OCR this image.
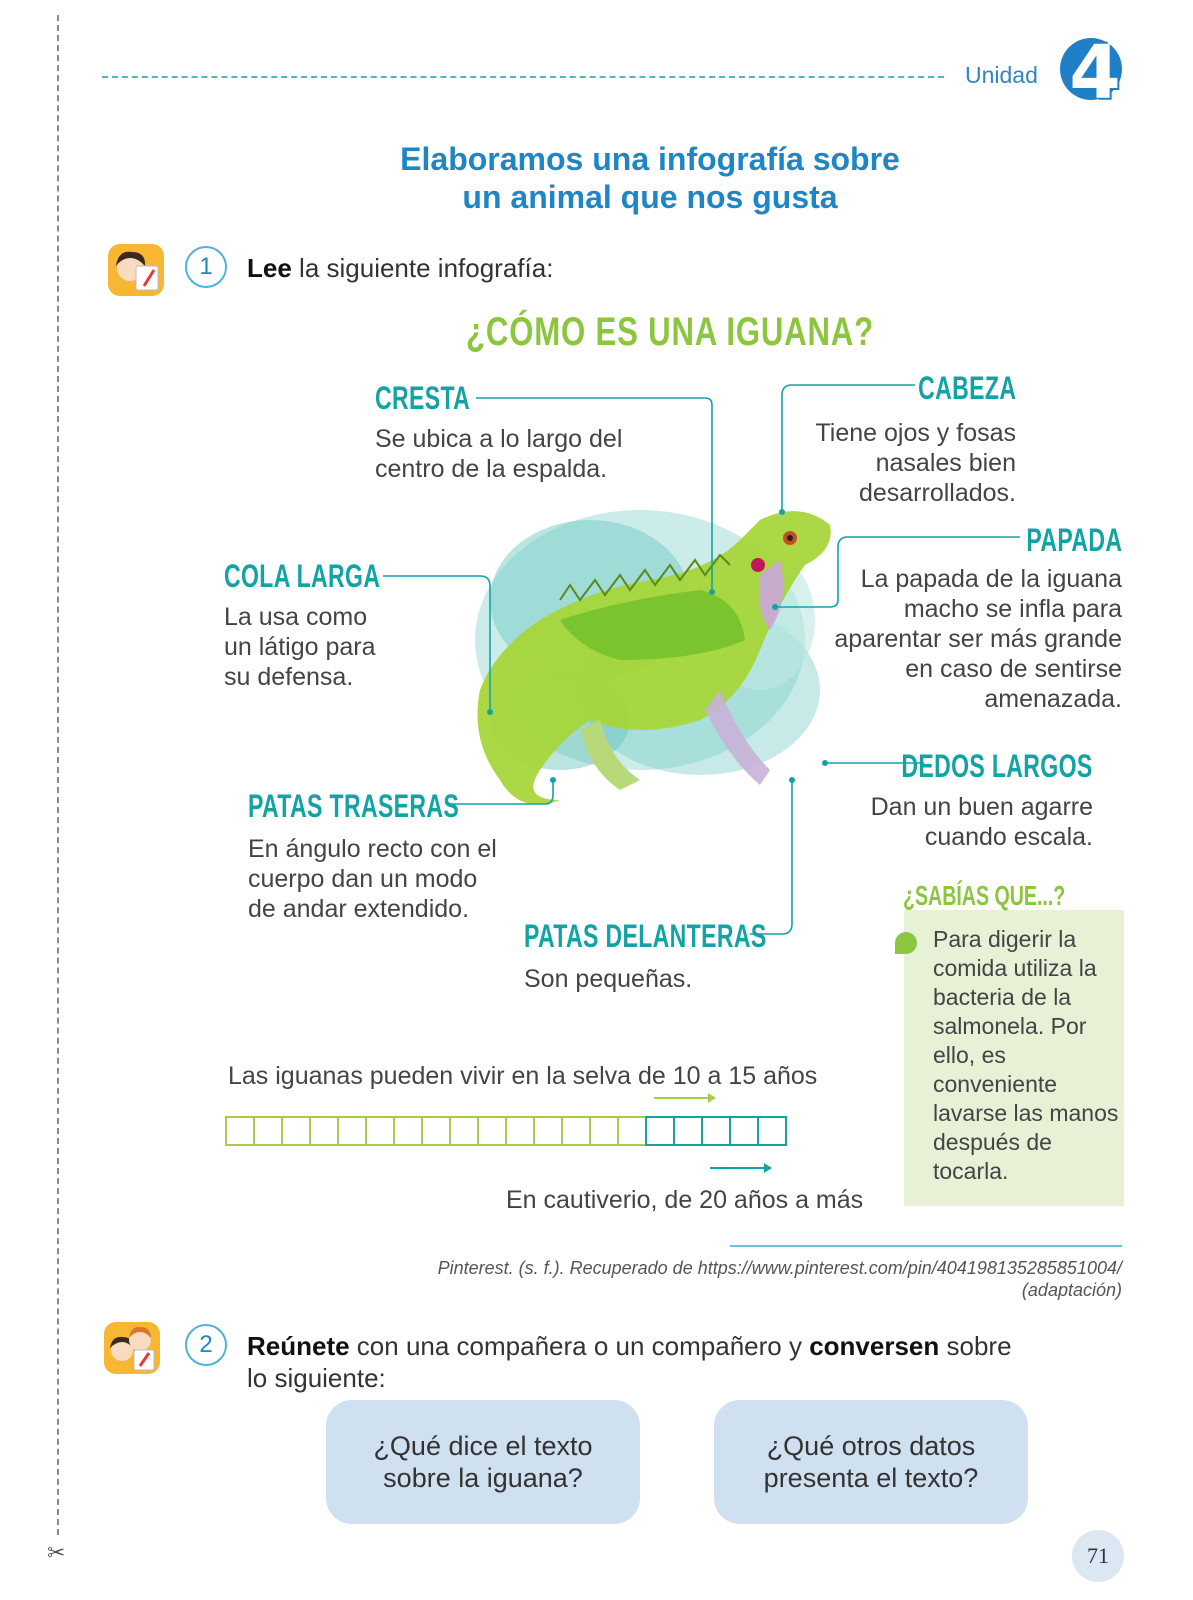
✂
Unidad 4
Elaboramos una infografía sobre
un animal que nos gusta
1	Lee la siguiente infografía:
¿CÓMO ES UNA IGUANA?
CRESTA
Se ubica a lo largo del
centro de la espalda.
CABEZA
Tiene ojos y fosas
nasales bien
desarrollados.
PAPADA
La papada de la iguana
macho se infla para
aparentar ser más grande
en caso de sentirse
amenazada.
COLA LARGA
La usa como
un látigo para
su defensa.
DEDOS LARGOS
Dan un buen agarre
cuando escala.
PATAS TRASERAS
En ángulo recto con el
cuerpo dan un modo
de andar extendido.
PATAS DELANTERAS
Son pequeñas.
¿SABÍAS QUE...?
Para digerir la comida utiliza la bacteria de la salmonela. Por ello, es conveniente lavarse las manos después de tocarla.
Las iguanas pueden vivir en la selva de 10 a 15 años
En cautiverio, de 20 años a más
Pinterest. (s. f.). Recuperado de https://www.pinterest.com/pin/404198135285851004/
(adaptación)
2	Reúnete con una compañera o un compañero y conversen sobre
lo siguiente:
¿Qué dice el texto sobre la iguana?
¿Qué otros datos presenta el texto?
71
